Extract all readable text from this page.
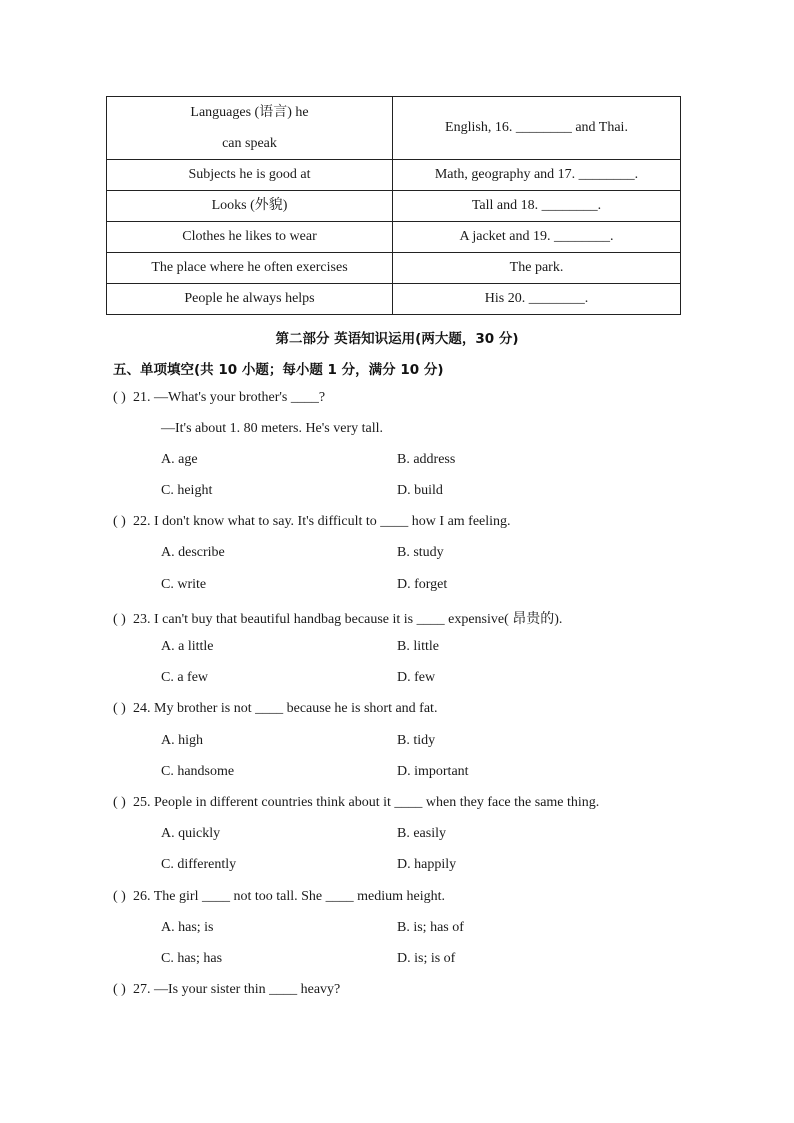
Languages (语言) he
can speak	English, 16. ________ and Thai.
Subjects he is good at	Math, geography and 17. ________.
Looks (外貌)	Tall and 18. ________.
Clothes he likes to wear	A jacket and 19. ________.
The place where he often exercises	The park.
People he always helps	His 20. ________.
第二部分 英语知识运用(两大题，30 分)
五、单项填空(共 10 小题；每小题 1 分，满分 10 分)
( ) 21. —What's your brother's ____?
—It's about 1. 80 meters. He's very tall.
A. age	B. address
C. height	D. build
( ) 22. I don't know what to say. It's difficult to ____ how I am feeling.
A. describe	B. study
C. write	D. forget
( ) 23. I can't buy that beautiful handbag because it is ____ expensive( 昂贵的).
A. a little	B. little
C. a few	D. few
( ) 24. My brother is not ____ because he is short and fat.
A. high	B. tidy
C. handsome	D. important
( ) 25. People in different countries think about it ____ when they face the same thing.
A. quickly	B. easily
C. differently	D. happily
( ) 26. The girl ____ not too tall. She ____ medium height.
A. has; is	B. is; has of
C. has; has	D. is; is of
( ) 27. —Is your sister thin ____ heavy?
